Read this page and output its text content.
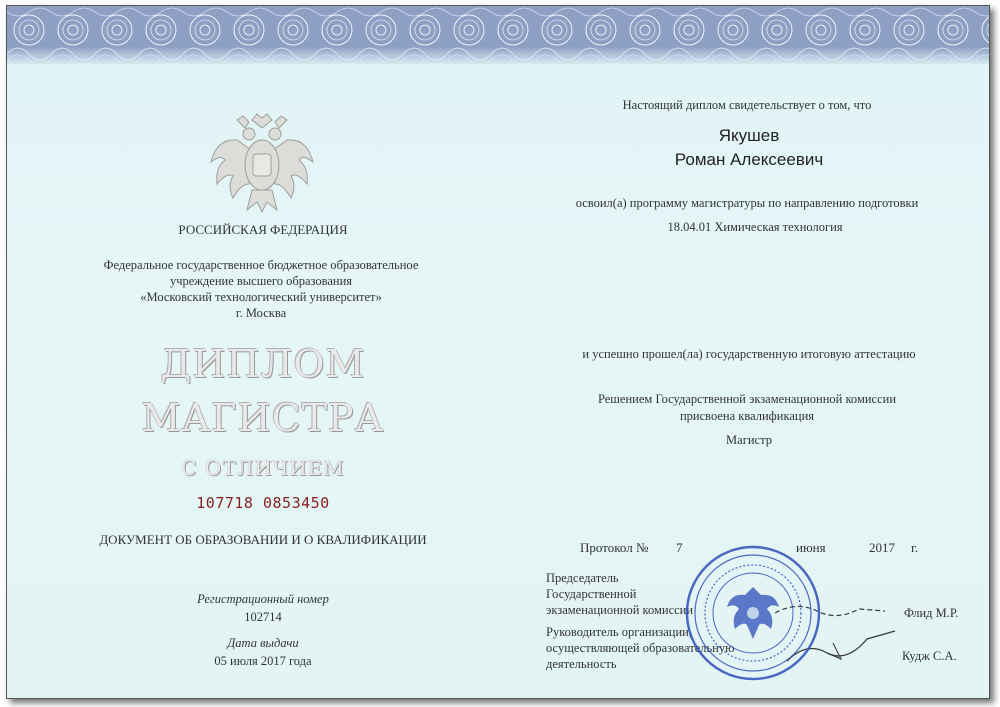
РОССИЙСКАЯ ФЕДЕРАЦИЯ
Федеральное государственное бюджетное образовательное
учреждение высшего образования
«Московский технологический университет»
г. Москва
ДИПЛОМ
МАГИСТРА
С ОТЛИЧИЕМ
107718 0853450
ДОКУМЕНТ ОБ ОБРАЗОВАНИИ И О КВАЛИФИКАЦИИ
Регистрационный номер
102714
Дата выдачи
05 июля 2017 года
Настоящий диплом свидетельствует о том, что
Якушев
Роман Алексеевич
освоил(а) программу магистратуры по направлению подготовки
18.04.01 Химическая технология
и успешно прошел(ла) государственную итоговую аттестацию
Решением Государственной экзаменационной комиссии
присвоена квалификация
Магистр
Протокол № 7	июня	2017 г.
Председатель
Государственной
экзаменационной комиссии	Флид М.Р.
Руководитель организации,
осуществляющей образовательную
деятельность
Кудж С.А.
